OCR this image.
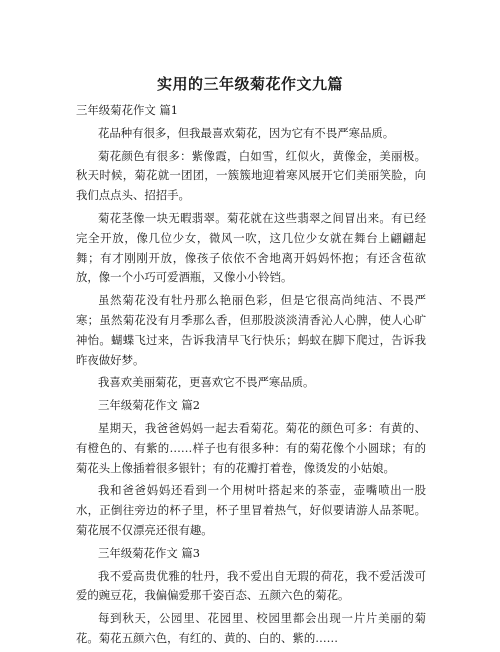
实用的三年级菊花作文九篇

三年级菊花作文 篇1

花品种有很多，但我最喜欢菊花，因为它有不畏严寒品质。

菊花颜色有很多：紫像霞，白如雪，红似火，黄像金，美丽极。秋天时候，菊花就一团团，一簇簇地迎着寒风展开它们美丽笑脸，向我们点点头、招招手。

菊花茎像一块无暇翡翠。菊花就在这些翡翠之间冒出来。有已经完全开放，像几位少女，微风一吹，这几位少女就在舞台上翩翩起舞；有才刚刚开放，像孩子依依不舍地离开妈妈怀抱；有还含苞欲放，像一个小巧可爱酒瓶，又像小小铃铛。

虽然菊花没有牡丹那么艳丽色彩，但是它很高尚纯洁、不畏严寒；虽然菊花没有月季那么香，但那股淡淡清香沁人心脾，使人心旷神怡。蝴蝶飞过来，告诉我清早飞行快乐；蚂蚁在脚下爬过，告诉我昨夜做好梦。

我喜欢美丽菊花，更喜欢它不畏严寒品质。

三年级菊花作文 篇2

星期天，我爸爸妈妈一起去看菊花。菊花的颜色可多：有黄的、有橙色的、有紫的……样子也有很多种：有的菊花像个小圆球；有的菊花头上像插着很多银针；有的花瓣打着卷，像烫发的小姑娘。

我和爸爸妈妈还看到一个用树叶搭起来的茶壶，壶嘴喷出一股水，正倒往旁边的杯子里，杯子里冒着热气，好似要请游人品茶呢。菊花展不仅漂亮还很有趣。

三年级菊花作文 篇3

我不爱高贵优雅的牡丹，我不爱出自无瑕的荷花，我不爱活泼可爱的豌豆花，我偏偏爱那千姿百态、五颜六色的菊花。

每到秋天，公园里、花园里、校园里都会出现一片片美丽的菊花。菊花五颜六色，有红的、黄的、白的、紫的……
